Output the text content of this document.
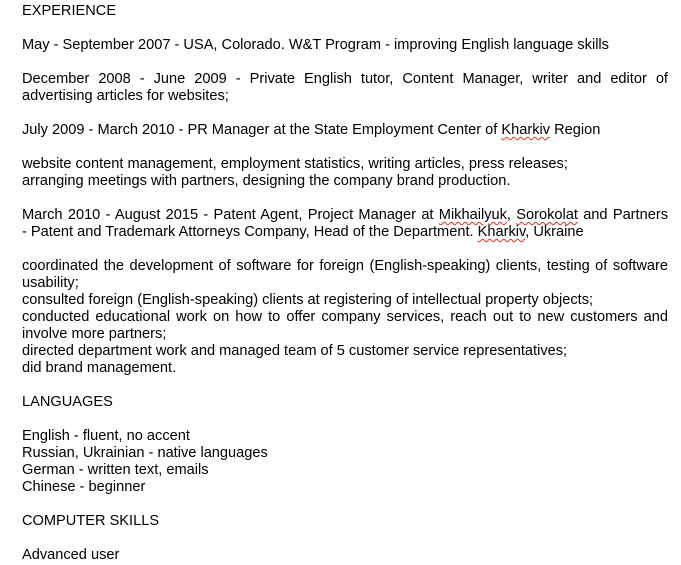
EXPERIENCE
May - September 2007 - USA, Colorado. W&T Program - improving English language skills
December 2008 - June 2009 - Private English tutor, Content Manager, writer and editor of
advertising articles for websites;
July 2009 - March 2010 - PR Manager at the State Employment Center of Kharkiv Region
website content management, employment statistics, writing articles, press releases;
arranging meetings with partners, designing the company brand production.
March 2010 - August 2015 - Patent Agent, Project Manager at Mikhailyuk, Sorokolat and Partners
- Patent and Trademark Attorneys Company, Head of the Department. Kharkiv, Ukraine
coordinated the development of software for foreign (English-speaking) clients, testing of software
usability;
consulted foreign (English-speaking) clients at registering of intellectual property objects;
conducted educational work on how to offer company services, reach out to new customers and
involve more partners;
directed department work and managed team of 5 customer service representatives;
did brand management.
LANGUAGES
English - fluent, no accent
Russian, Ukrainian - native languages
German - written text, emails
Chinese - beginner
COMPUTER SKILLS
Advanced user
